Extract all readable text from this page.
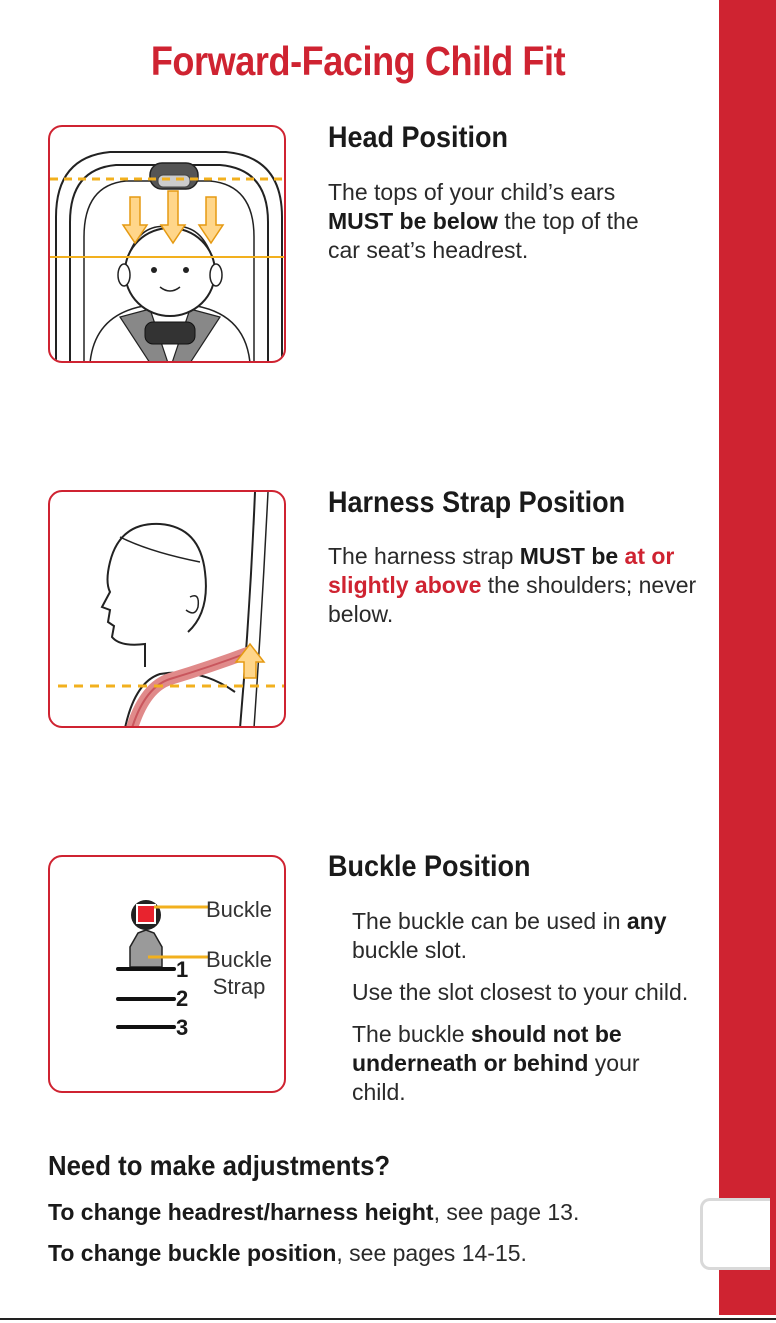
Forward-Facing Child Fit
Head Position
The tops of your child’s ears
MUST be below the top of the
car seat’s headrest.
Harness Strap Position
The harness strap MUST be at or slightly above the shoulders; never below.
Buckle
Buckle
Strap
1
2
3
Buckle Position

The buckle can be used in any buckle slot.

Use the slot closest to your child.

The buckle should not be underneath or behind your child.

Need to make adjustments?
To change headrest/harness height, see page 13.
To change buckle position, see pages 14-15.
